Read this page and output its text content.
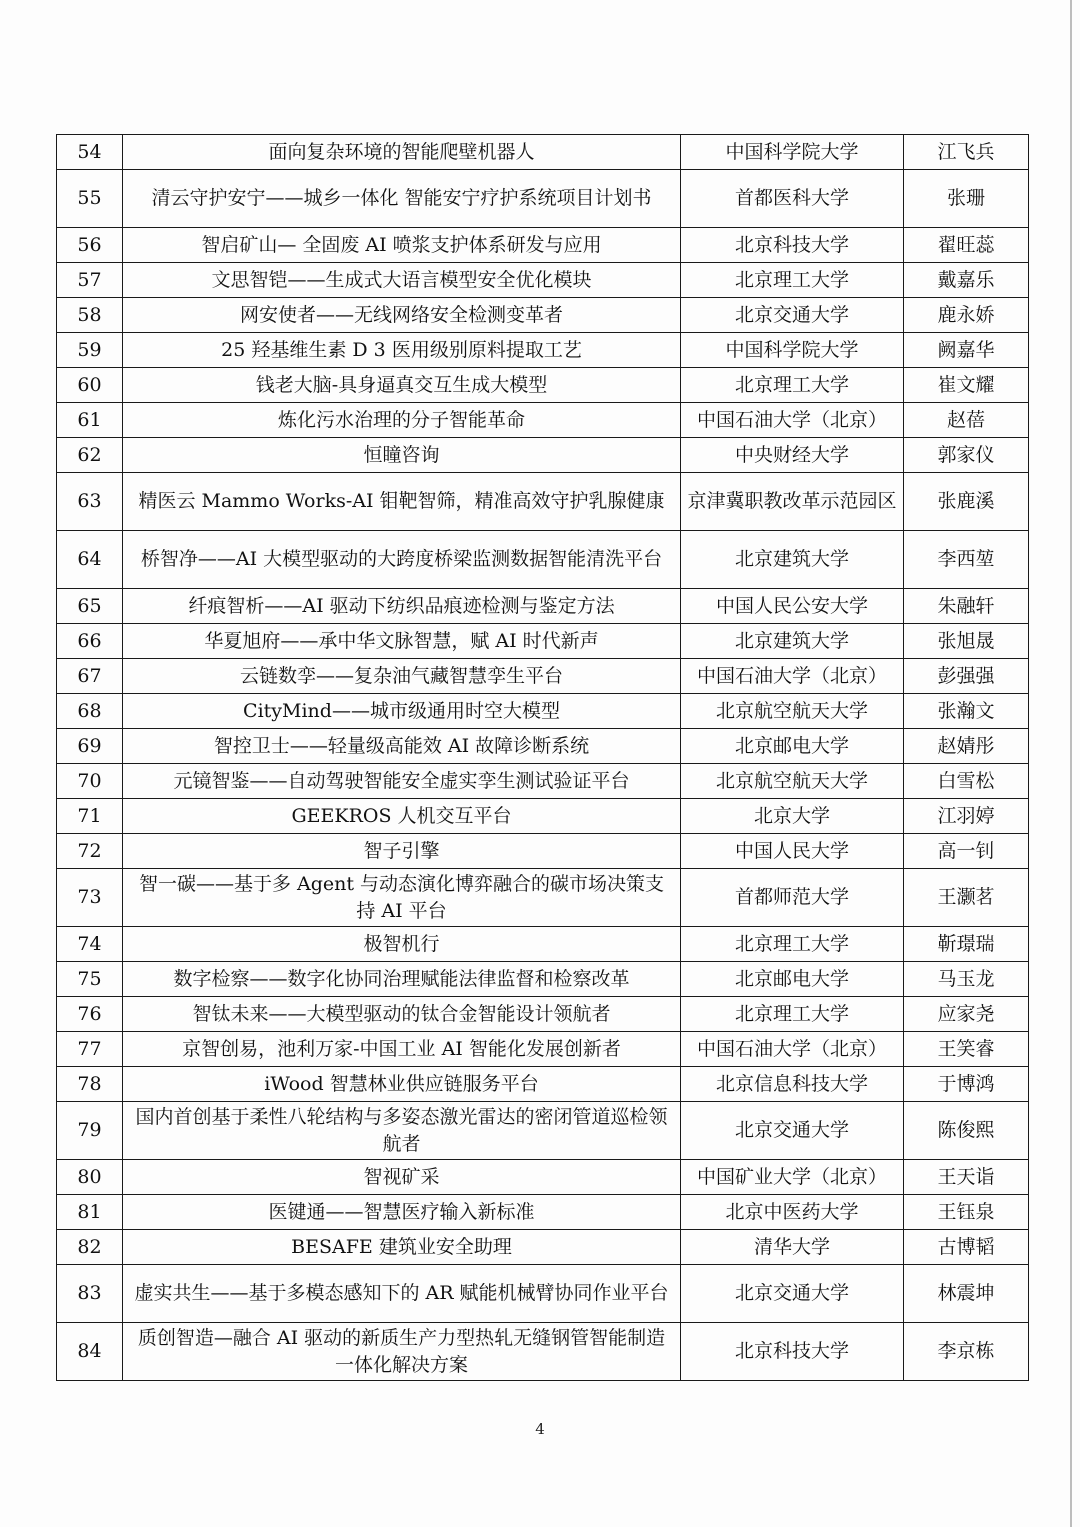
54	面向复杂环境的智能爬壁机器人	中国科学院大学	江飞兵
55	清云守护安宁——城乡一体化 智能安宁疗护系统项目计划书	首都医科大学	张珊
56	智启矿山— 全固废 AI 喷浆支护体系研发与应用	北京科技大学	翟旺蕊
57	文思智铠——生成式大语言模型安全优化模块	北京理工大学	戴嘉乐
58	网安使者——无线网络安全检测变革者	北京交通大学	鹿永娇
59	25 羟基维生素 D 3 医用级别原料提取工艺	中国科学院大学	阙嘉华
60	钱老大脑-具身逼真交互生成大模型	北京理工大学	崔文耀
61	炼化污水治理的分子智能革命	中国石油大学（北京）	赵蓓
62	恒瞳咨询	中央财经大学	郭家仪
63	精医云 Mammo Works-AI 钼靶智筛，精准高效守护乳腺健康	京津冀职教改革示范园区	张鹿溪
64	桥智净——AI 大模型驱动的大跨度桥梁监测数据智能清洗平台	北京建筑大学	李西堃
65	纤痕智析——AI 驱动下纺织品痕迹检测与鉴定方法	中国人民公安大学	朱融轩
66	华夏旭府——承中华文脉智慧，赋 AI 时代新声	北京建筑大学	张旭晟
67	云链数孪——复杂油气藏智慧孪生平台	中国石油大学（北京）	彭强强
68	CityMind——城市级通用时空大模型	北京航空航天大学	张瀚文
69	智控卫士——轻量级高能效 AI 故障诊断系统	北京邮电大学	赵婧彤
70	元镜智鉴——自动驾驶智能安全虚实孪生测试验证平台	北京航空航天大学	白雪松
71	GEEKROS 人机交互平台	北京大学	江羽婷
72	智子引擎	中国人民大学	高一钊
73	智一碳——基于多 Agent 与动态演化博弈融合的碳市场决策支持 AI 平台	首都师范大学	王灏茗
74	极智机行	北京理工大学	靳璟瑞
75	数字检察——数字化协同治理赋能法律监督和检察改革	北京邮电大学	马玉龙
76	智钛未来——大模型驱动的钛合金智能设计领航者	北京理工大学	应家尧
77	京智创易，池利万家-中国工业 AI 智能化发展创新者	中国石油大学（北京）	王笑睿
78	iWood 智慧林业供应链服务平台	北京信息科技大学	于博鸿
79	国内首创基于柔性八轮结构与多姿态激光雷达的密闭管道巡检领航者	北京交通大学	陈俊熙
80	智视矿采	中国矿业大学（北京）	王天诣
81	医键通——智慧医疗输入新标准	北京中医药大学	王钰泉
82	BESAFE 建筑业安全助理	清华大学	古博韬
83	虚实共生——基于多模态感知下的 AR 赋能机械臂协同作业平台	北京交通大学	林震坤
84	质创智造—融合 AI 驱动的新质生产力型热轧无缝钢管智能制造一体化解决方案	北京科技大学	李京栋
4
